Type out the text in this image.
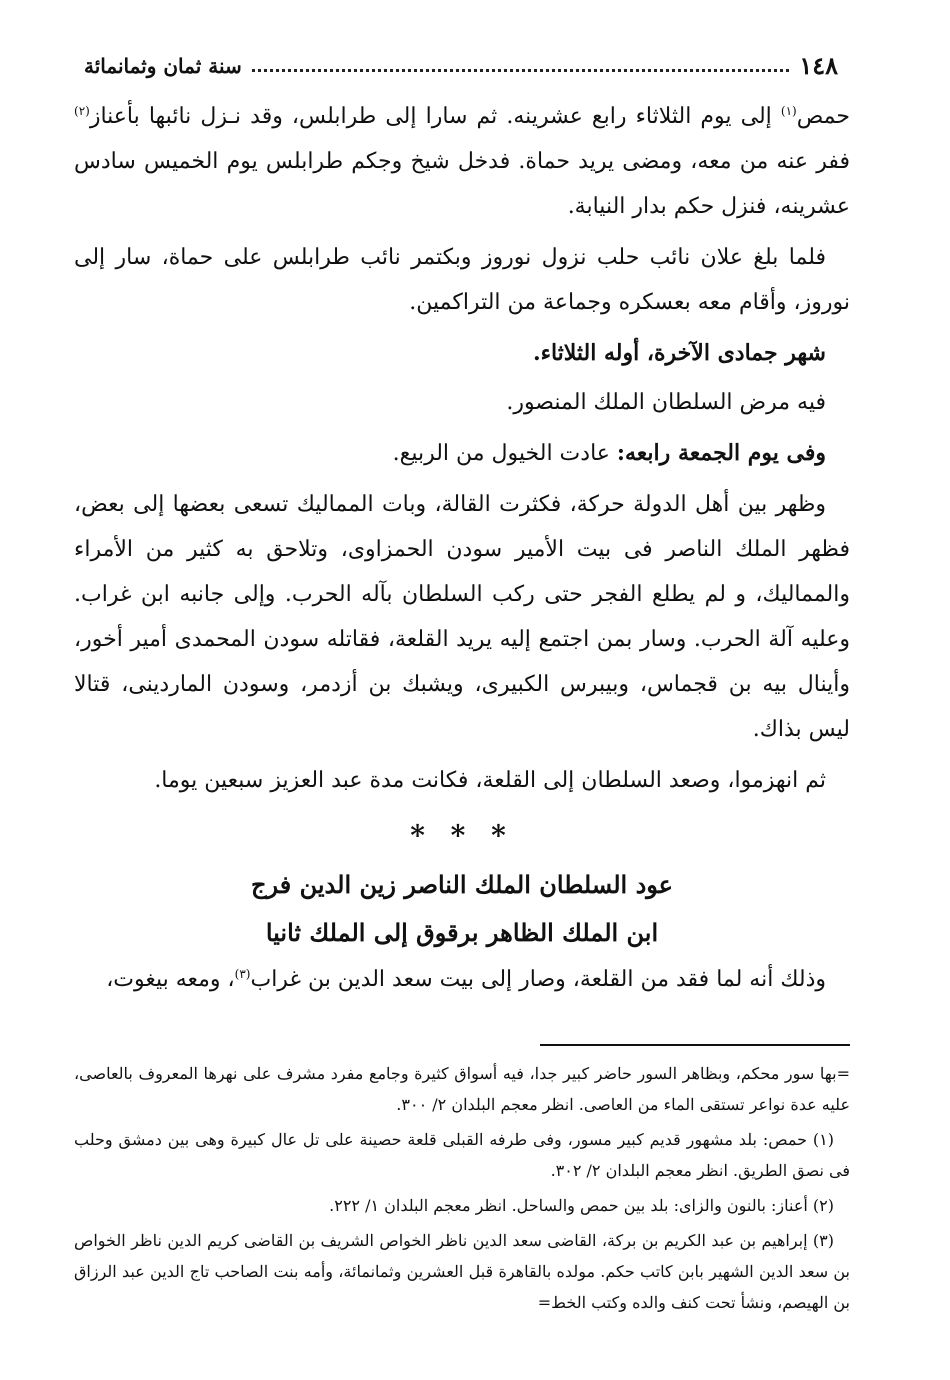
١٤٨
سنة ثمان وثمانمائة

حمص$^{(١)}$ إلى يوم الثلاثاء رابع عشرينه. ثم سارا إلى طرابلس، وقد نـزل نائبها بأعناز$^{(٢)}$ ففر عنه من معه، ومضى يريد حماة. فدخل شيخ وجكم طرابلس يوم الخميس سادس عشرينه، فنزل حكم بدار النيابة.

فلما بلغ علان نائب حلب نزول نوروز وبكتمر نائب طرابلس على حماة، سار إلى نوروز، وأقام معه بعسكره وجماعة من التراكمين.

شهر جمادى الآخرة، أوله الثلاثاء.

فيه مرض السلطان الملك المنصور.

وفى يوم الجمعة رابعه: عادت الخيول من الربيع.

وظهر بين أهل الدولة حركة، فكثرت القالة، وبات المماليك تسعى بعضها إلى بعض، فظهر الملك الناصر فى بيت الأمير سودن الحمزاوى، وتلاحق به كثير من الأمراء والمماليك، و لم يطلع الفجر حتى ركب السلطان بآله الحرب. وإلى جانبه ابن غراب. وعليه آلة الحرب. وسار بمن اجتمع إليه يريد القلعة، فقاتله سودن المحمدى أمير أخور، وأينال بيه بن قجماس، وبيبرس الكبيرى، ويشبك بن أزدمر، وسودن الماردينى، قتالا ليس بذاك.

ثم انهزموا، وصعد السلطان إلى القلعة، فكانت مدة عبد العزيز سبعين يوما.

* * *

عود السلطان الملك الناصر زين الدين فرج

ابن الملك الظاهر برقوق إلى الملك ثانيا

وذلك أنه لما فقد من القلعة، وصار إلى بيت سعد الدين بن غراب$^{(٣)}$، ومعه بيغوت،

=بها سور محكم، وبظاهر السور حاضر كبير جدا، فيه أسواق كثيرة وجامع مفرد مشرف على نهرها المعروف بالعاصى، عليه عدة نواعر تستقى الماء من العاصى. انظر معجم البلدان ٢/ ٣٠٠.

(١) حمص: بلد مشهور قديم كبير مسور، وفى طرفه القبلى قلعة حصينة على تل عال كبيرة وهى بين دمشق وحلب فى نصق الطريق. انظر معجم البلدان ٢/ ٣٠٢.

(٢) أعناز: بالنون والزاى: بلد بين حمص والساحل. انظر معجم البلدان ١/ ٢٢٢.

(٣) إبراهيم بن عبد الكريم بن بركة، القاضى سعد الدين ناظر الخواص الشريف بن القاضى كريم الدين ناظر الخواص بن سعد الدين الشهير بابن كاتب حكم. مولده بالقاهرة قبل العشرين وثمانمائة، وأمه بنت الصاحب تاج الدين عبد الرزاق بن الهيصم، ونشأ تحت كنف والده وكتب الخط=
